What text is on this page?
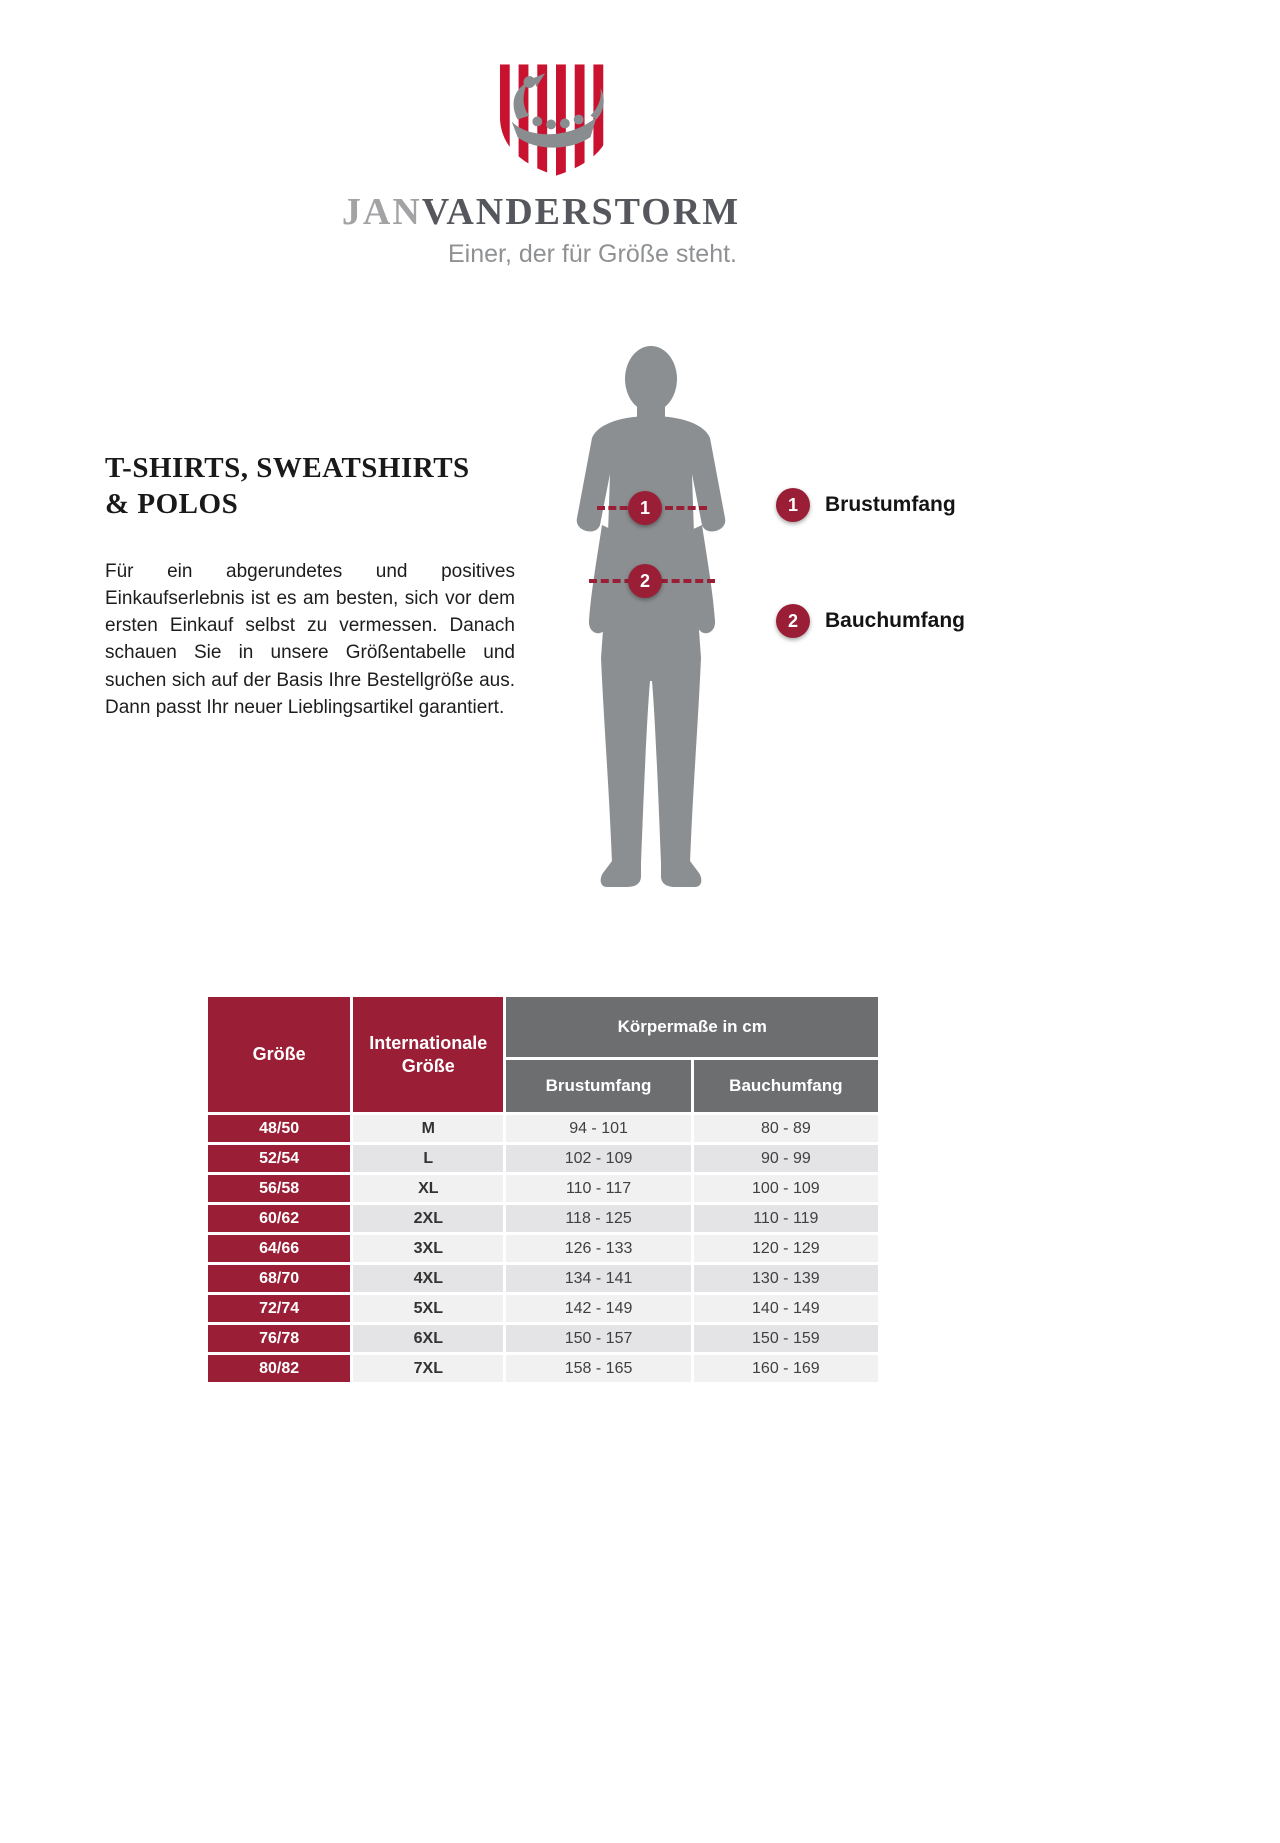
JANVANDERSTORM
Einer, der für Größe steht.
T-SHIRTS, SWEATSHIRTS
& POLOS

Für ein abgerundetes und positives Einkaufserlebnis ist es am besten, sich vor dem ersten Einkauf selbst zu vermessen. Danach schauen Sie in unsere Größentabelle und suchen sich auf der Basis Ihre Bestellgröße aus. Dann passt Ihr neuer Lieblingsartikel garantiert.

1
2
1	Brustumfang
2	Bauchumfang
Größe	Internationale Größe	Körpermaße in cm	
		Brustumfang	Bauchumfang
48/50	M	94 - 101	80 - 89
52/54	L	102 - 109	90 - 99
56/58	XL	110 - 117	100 - 109
60/62	2XL	118 - 125	110 - 119
64/66	3XL	126 - 133	120 - 129
68/70	4XL	134 - 141	130 - 139
72/74	5XL	142 - 149	140 - 149
76/78	6XL	150 - 157	150 - 159
80/82	7XL	158 - 165	160 - 169
